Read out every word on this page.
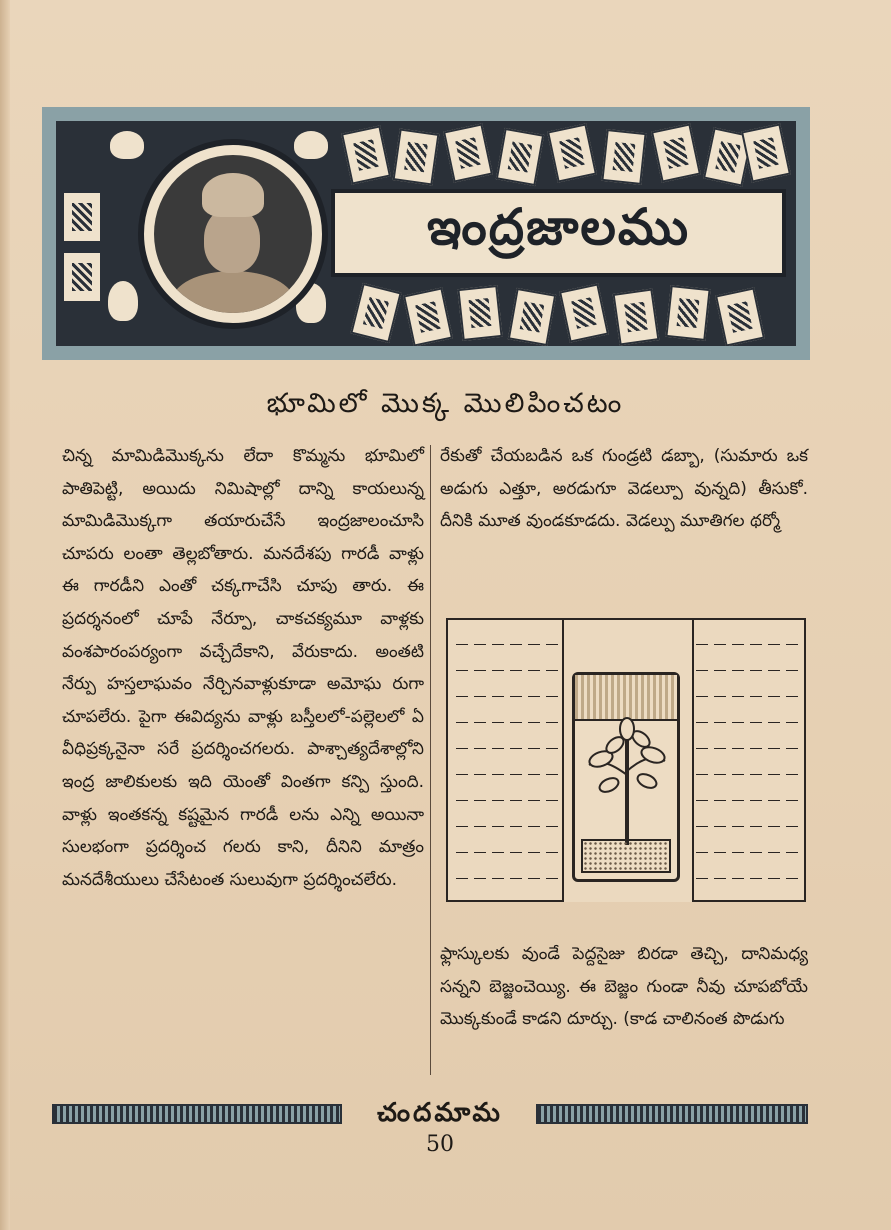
ఇంద్రజాలము
భూమిలో మొక్క మొలిపించటం
చిన్న మామిడిమొక్కను లేదా కొమ్మను భూమిలో పాతిపెట్టి, అయిదు నిమిషాల్లో దాన్ని కాయలున్న మామిడిమొక్కగా తయారుచేసే ఇంద్రజాలంచూసి చూపరు లంతా తెల్లబోతారు. మనదేశపు గారడీ వాళ్లు ఈ గారడీని ఎంతో చక్కగాచేసి చూపు తారు. ఈ ప్రదర్శనంలో చూపే నేర్పూ, చాకచక్యమూ వాళ్లకు వంశపారంపర్యంగా వచ్చేదేకాని, వేరుకాదు. అంతటి నేర్పు హస్తలాఘవం నేర్చినవాళ్లుకూడా అమోఘ రుగా చూపలేరు. పైగా ఈవిద్యను వాళ్లు బస్తీలలో-పల్లెలలో ఏ వీధిప్రక్కనైనా సరే ప్రదర్శించగలరు. పాశ్చాత్యదేశాల్లోని ఇంద్ర జాలికులకు ఇది యెంతో వింతగా కన్పి స్తుంది. వాళ్లు ఇంతకన్న కష్టమైన గారడీ లను ఎన్ని అయినా సులభంగా ప్రదర్శించ గలరు కాని, దీనిని మాత్రం మనదేశీయులు చేసేటంత సులువుగా ప్రదర్శించలేరు.
రేకుతో చేయబడిన ఒక గుండ్రటి డబ్బా, (సుమారు ఒక అడుగు ఎత్తూ, అరడుగూ వెడల్పూ వున్నది) తీసుకో. దీనికి మూత వుండకూడదు. వెడల్పు మూతిగల థర్మో
ఫ్లాస్కులకు వుండే పెద్దసైజు బిరడా తెచ్చి, దానిమధ్య సన్నని బెజ్జంచెయ్యి. ఈ బెజ్జం గుండా నీవు చూపబోయే మొక్కకుండే కాడని దూర్చు. (కాడ చాలినంత పొడుగు
చందమామ
50
